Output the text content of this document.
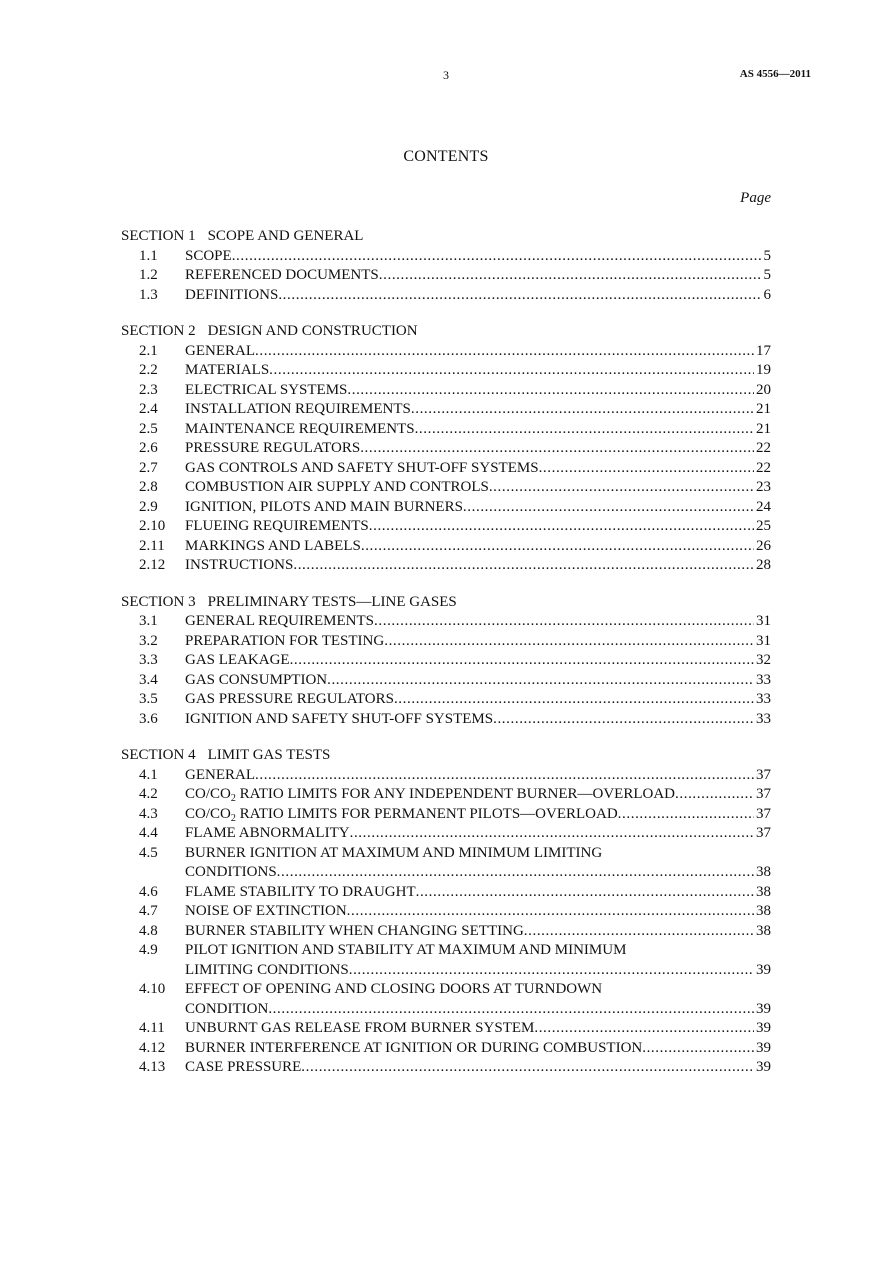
3	AS 4556—2011
CONTENTS
Page
SECTION 1 SCOPE AND GENERAL
1.1	SCOPE .....	5
1.2	REFERENCED DOCUMENTS .....	5
1.3	DEFINITIONS .....	6
SECTION 2 DESIGN AND CONSTRUCTION
2.1	GENERAL .....	17
2.2	MATERIALS .....	19
2.3	ELECTRICAL SYSTEMS .....	20
2.4	INSTALLATION REQUIREMENTS .....	21
2.5	MAINTENANCE REQUIREMENTS .....	21
2.6	PRESSURE REGULATORS .....	22
2.7	GAS CONTROLS AND SAFETY SHUT-OFF SYSTEMS .....	22
2.8	COMBUSTION AIR SUPPLY AND CONTROLS .....	23
2.9	IGNITION, PILOTS AND MAIN BURNERS .....	24
2.10	FLUEING REQUIREMENTS .....	25
2.11	MARKINGS AND LABELS .....	26
2.12	INSTRUCTIONS .....	28
SECTION 3 PRELIMINARY TESTS—LINE GASES
3.1	GENERAL REQUIREMENTS .....	31
3.2	PREPARATION FOR TESTING .....	31
3.3	GAS LEAKAGE .....	32
3.4	GAS CONSUMPTION .....	33
3.5	GAS PRESSURE REGULATORS .....	33
3.6	IGNITION AND SAFETY SHUT-OFF SYSTEMS .....	33
SECTION 4 LIMIT GAS TESTS
4.1	GENERAL .....	37
4.2	$CO/CO_2$ RATIO LIMITS FOR ANY INDEPENDENT BURNER—OVERLOAD .....	37
4.3	$CO/CO_2$ RATIO LIMITS FOR PERMANENT PILOTS—OVERLOAD .....	37
4.4	FLAME ABNORMALITY .....	37
4.5	BURNER IGNITION AT MAXIMUM AND MINIMUM LIMITING
CONDITIONS .....	38
4.6	FLAME STABILITY TO DRAUGHT .....	38
4.7	NOISE OF EXTINCTION .....	38
4.8	BURNER STABILITY WHEN CHANGING SETTING .....	38
4.9	PILOT IGNITION AND STABILITY AT MAXIMUM AND MINIMUM
LIMITING CONDITIONS .....	39
4.10	EFFECT OF OPENING AND CLOSING DOORS AT TURNDOWN
CONDITION .....	39
4.11	UNBURNT GAS RELEASE FROM BURNER SYSTEM .....	39
4.12	BURNER INTERFERENCE AT IGNITION OR DURING COMBUSTION .....	39
4.13	CASE PRESSURE .....	39
